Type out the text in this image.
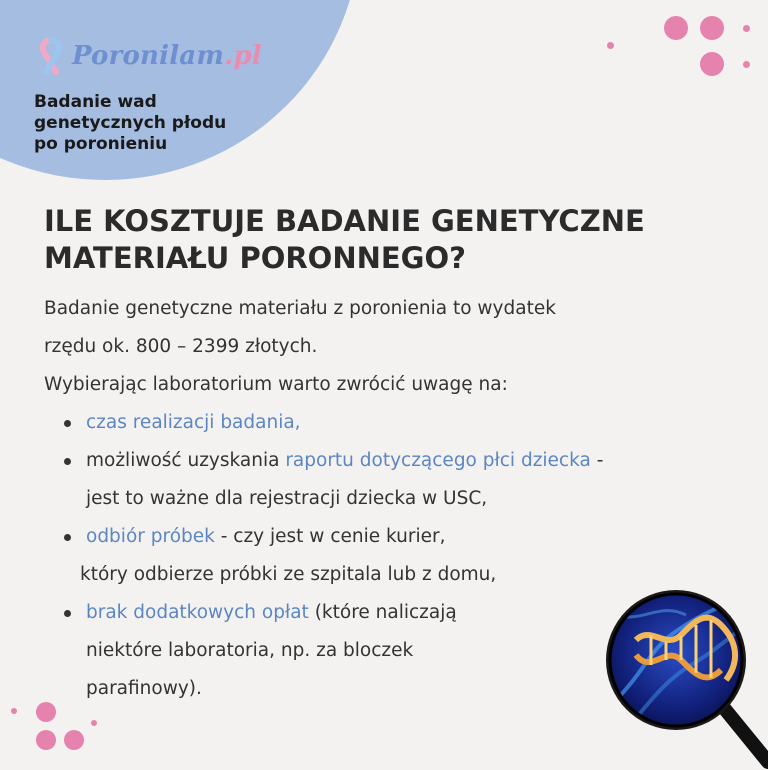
Poronilam.pl
Badanie wad
genetycznych płodu
po poronieniu
ILE KOSZTUJE BADANIE GENETYCZNE
MATERIAŁU PORONNEGO?

Badanie genetyczne materiału z poronienia to wydatek

rzędu ok. 800 – 2399 złotych.

Wybierając laboratorium warto zwrócić uwagę na:

czas realizacji badania,
możliwość uzyskania raportu dotyczącego płci dziecka -
jest to ważne dla rejestracji dziecka w USC,
odbiór próbek - czy jest w cenie kurier,
który odbierze próbki ze szpitala lub z domu,
brak dodatkowych opłat (które naliczają
niektóre laboratoria, np. za bloczek
parafinowy).
